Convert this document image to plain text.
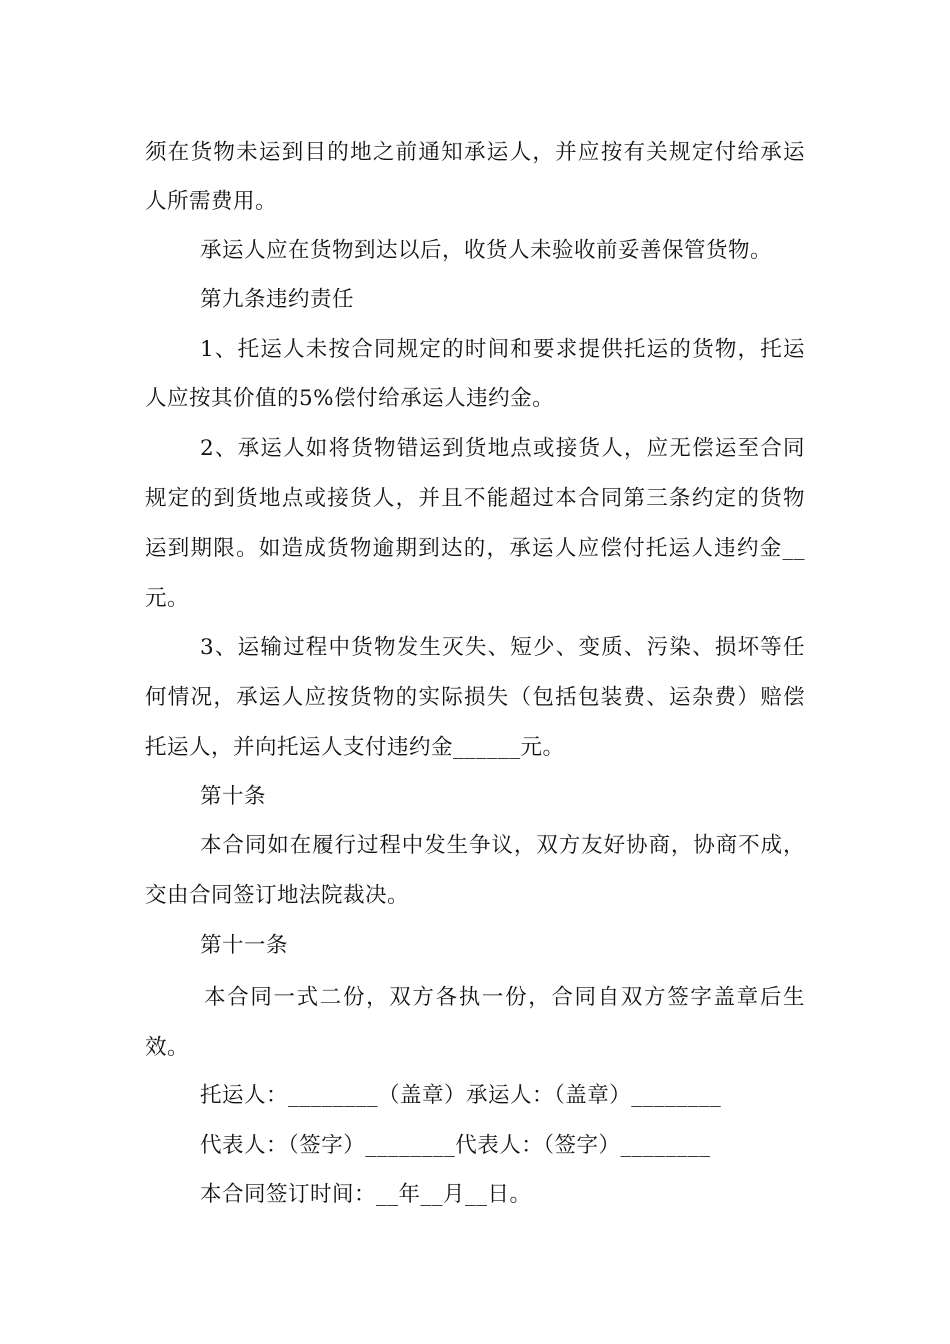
须在货物未运到目的地之前通知承运人，并应按有关规定付给承运
人所需费用。
承运人应在货物到达以后，收货人未验收前妥善保管货物。
第九条违约责任
1、托运人未按合同规定的时间和要求提供托运的货物，托运
人应按其价值的5%偿付给承运人违约金。
2、承运人如将货物错运到货地点或接货人，应无偿运至合同
规定的到货地点或接货人，并且不能超过本合同第三条约定的货物
运到期限。如造成货物逾期到达的，承运人应偿付托运人违约金__
元。
3、运输过程中货物发生灭失、短少、变质、污染、损坏等任
何情况，承运人应按货物的实际损失（包括包装费、运杂费）赔偿
托运人，并向托运人支付违约金______元。
第十条
本合同如在履行过程中发生争议，双方友好协商，协商不成，
交由合同签订地法院裁决。
第十一条
本合同一式二份，双方各执一份，合同自双方签字盖章后生
效。
托运人：________（盖章）承运人：（盖章）________
代表人：（签字）________代表人：（签字）________
本合同签订时间：__年__月__日。
